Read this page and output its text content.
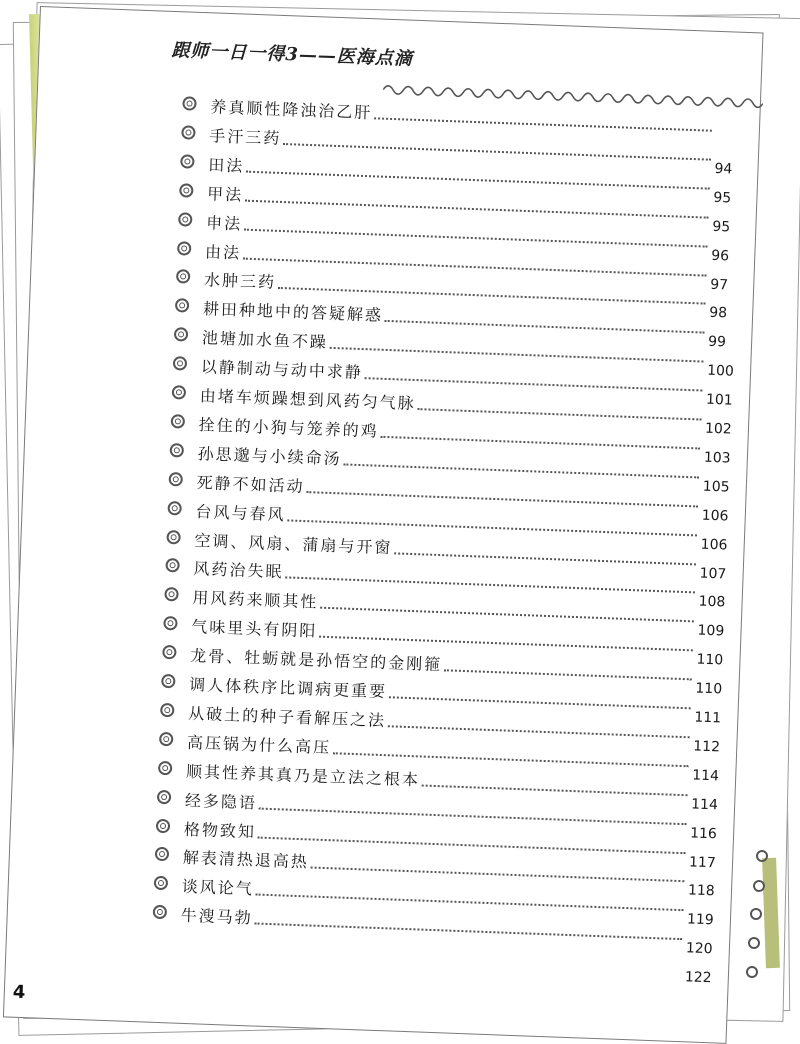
跟师一日一得3——医海点滴
养真顺性降浊治乙肝
手汗三药
94
田法
95
甲法
95
申法
96
由法
97
水肿三药
98
耕田种地中的答疑解惑
99
池塘加水鱼不躁
100
以静制动与动中求静
101
由堵车烦躁想到风药匀气脉
102
拴住的小狗与笼养的鸡
103
孙思邈与小续命汤
105
死静不如活动
106
台风与春风
106
空调、风扇、蒲扇与开窗
107
风药治失眠
108
用风药来顺其性
109
气味里头有阴阳
110
龙骨、牡蛎就是孙悟空的金刚箍
110
调人体秩序比调病更重要
111
从破土的种子看解压之法
112
高压锅为什么高压
114
顺其性养其真乃是立法之根本
114
经多隐语
116
格物致知
117
解表清热退高热
118
谈风论气
119
牛溲马勃
120
122
4
